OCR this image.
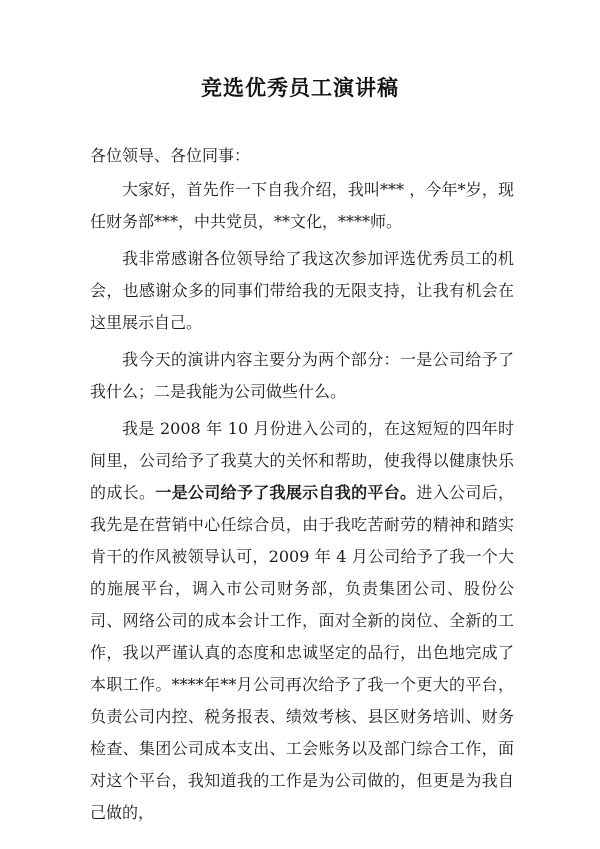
竞选优秀员工演讲稿

各位领导、各位同事：

大家好，首先作一下自我介绍，我叫*** ，今年*岁，现任财务部***，中共党员，**文化，****师。

我非常感谢各位领导给了我这次参加评选优秀员工的机会，也感谢众多的同事们带给我的无限支持，让我有机会在这里展示自己。

我今天的演讲内容主要分为两个部分：一是公司给予了我什么；二是我能为公司做些什么。

我是 2008 年 10 月份进入公司的，在这短短的四年时间里，公司给予了我莫大的关怀和帮助，使我得以健康快乐的成长。一是公司给予了我展示自我的平台。进入公司后，我先是在营销中心任综合员，由于我吃苦耐劳的精神和踏实肯干的作风被领导认可，2009 年 4 月公司给予了我一个大的施展平台，调入市公司财务部，负责集团公司、股份公司、网络公司的成本会计工作，面对全新的岗位、全新的工作，我以严谨认真的态度和忠诚坚定的品行，出色地完成了本职工作。****年**月公司再次给予了我一个更大的平台，负责公司内控、税务报表、绩效考核、县区财务培训、财务检查、集团公司成本支出、工会账务以及部门综合工作，面对这个平台，我知道我的工作是为公司做的，但更是为我自己做的，
